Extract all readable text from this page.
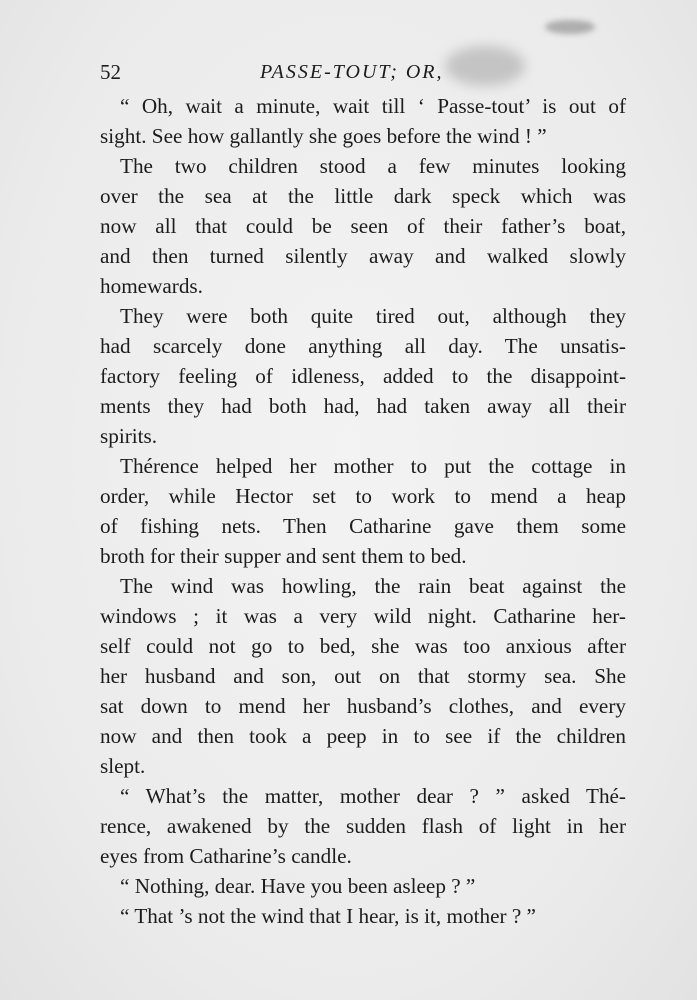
52	PASSE-TOUT; OR,
“ Oh, wait a minute, wait till ‘ Passe-tout’ is out of
sight. See how gallantly she goes before the wind ! ”
The two children stood a few minutes looking
over the sea at the little dark speck which was
now all that could be seen of their father’s boat,
and then turned silently away and walked slowly
homewards.
They were both quite tired out, although they
had scarcely done anything all day. The unsatis-
factory feeling of idleness, added to the disappoint-
ments they had both had, had taken away all their
spirits.
Thérence helped her mother to put the cottage in
order, while Hector set to work to mend a heap
of fishing nets. Then Catharine gave them some
broth for their supper and sent them to bed.
The wind was howling, the rain beat against the
windows ; it was a very wild night. Catharine her-
self could not go to bed, she was too anxious after
her husband and son, out on that stormy sea. She
sat down to mend her husband’s clothes, and every
now and then took a peep in to see if the children
slept.
“ What’s the matter, mother dear ? ” asked Thé-
rence, awakened by the sudden flash of light in her
eyes from Catharine’s candle.
“ Nothing, dear. Have you been asleep ? ”
“ That ’s not the wind that I hear, is it, mother ? ”
